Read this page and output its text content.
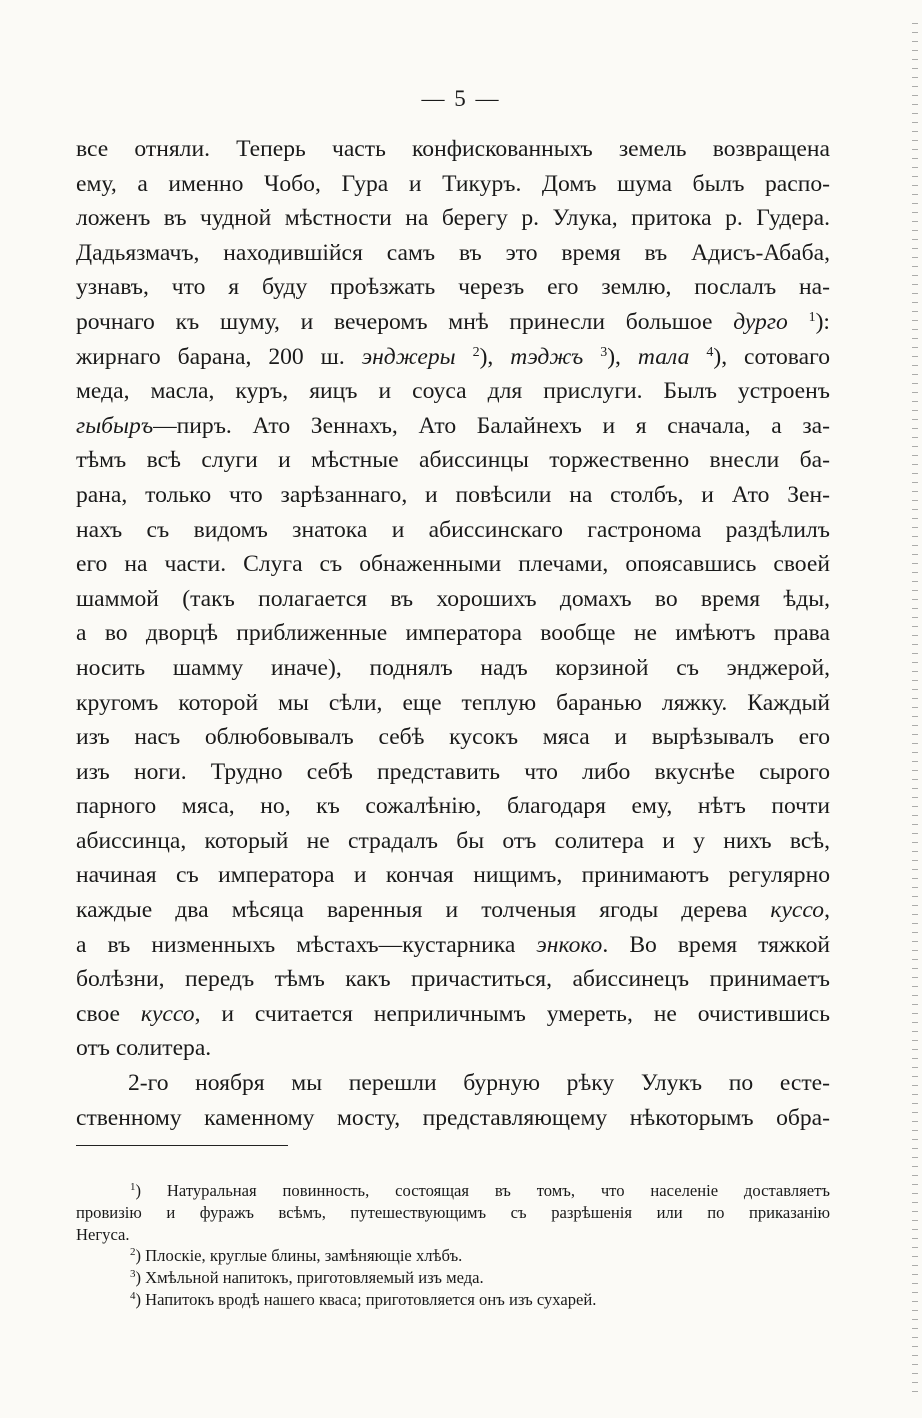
— 5 —
все отняли. Теперь часть конфискованныхъ земель возвращена
ему, а именно Чобо, Гура и Тикуръ. Домъ шума былъ распо-
ложенъ въ чудной мѣстности на берегу р. Улука, притока р. Гудера.
Дадьязмачъ, находившiйся самъ въ это время въ Адисъ-Абаба,
узнавъ, что я буду проѣзжать черезъ его землю, послалъ на-
рочнаго къ шуму, и вечеромъ мнѣ принесли большое дурго $^1$):
жирнаго барана, 200 ш. энджеры $^2$), тэджъ $^3$), тала $^4$), сотоваго
меда, масла, куръ, яицъ и соуса для прислуги. Былъ устроенъ
гыбыръ—пиръ. Ато Зеннахъ, Ато Балайнехъ и я сначала, а за-
тѣмъ всѣ слуги и мѣстные абиссинцы торжественно внесли ба-
рана, только что зарѣзаннаго, и повѣсили на столбъ, и Ато Зен-
нахъ съ видомъ знатока и абиссинскаго гастронома раздѣлилъ
его на части. Слуга съ обнаженными плечами, опоясавшись своей
шаммой (такъ полагается въ хорошихъ домахъ во время ѣды,
а во дворцѣ приближенные императора вообще не имѣютъ права
носить шамму иначе), поднялъ надъ корзиной съ энджерой,
кругомъ которой мы сѣли, еще теплую баранью ляжку. Каждый
изъ насъ облюбовывалъ себѣ кусокъ мяса и вырѣзывалъ его
изъ ноги. Трудно себѣ представить что либо вкуснѣе сырого
парного мяса, но, къ сожалѣнiю, благодаря ему, нѣтъ почти
абиссинца, который не страдалъ бы отъ солитера и у нихъ всѣ,
начиная съ императора и кончая нищимъ, принимаютъ регулярно
каждые два мѣсяца варенныя и толченыя ягоды дерева куссо,
а въ низменныхъ мѣстахъ—кустарника энкоко. Во время тяжкой
болѣзни, передъ тѣмъ какъ причаститься, абиссинецъ принимаетъ
свое куссо, и считается неприличнымъ умереть, не очистившись
отъ солитера.
2-го ноября мы перешли бурную рѣку Улукъ по есте-
ственному каменному мосту, представляющему нѣкоторымъ обра-
$^1$) Натуральная повинность, состоящая въ томъ, что населенiе доставляетъ
провизiю и фуражъ всѣмъ, путешествующимъ съ разрѣшенiя или по приказанiю
Негуса.
$^2$) Плоскiе, круглые блины, замѣняющiе хлѣбъ.
$^3$) Хмѣльной напитокъ, приготовляемый изъ меда.
$^4$) Напитокъ вродѣ нашего кваса; приготовляется онъ изъ сухарей.
